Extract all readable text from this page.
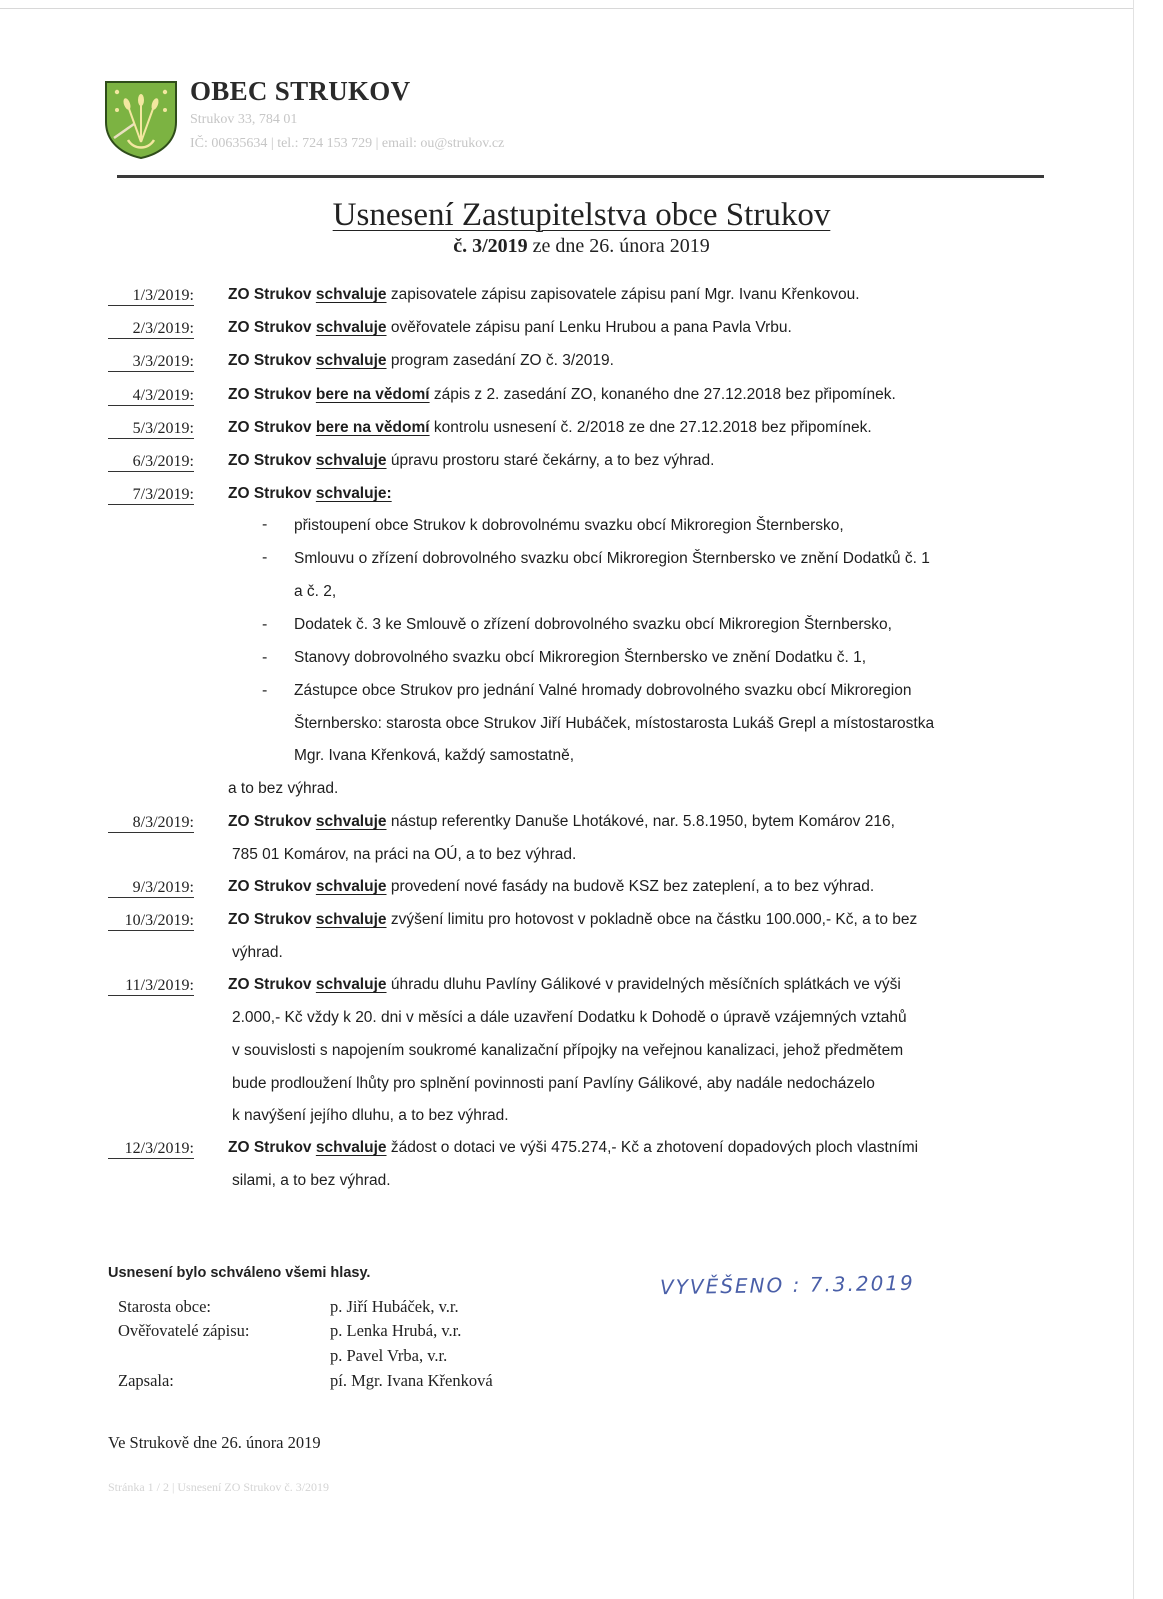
OBEC STRUKOV
Strukov 33, 784 01
IČ: 00635634 | tel.: 724 153 729 | email: ou@strukov.cz
Usnesení Zastupitelstva obce Strukov
č. 3/2019 ze dne 26. února 2019
1/3/2019: ZO Strukov schvaluje zapisovatele zápisu zapisovatele zápisu paní Mgr. Ivanu Křenkovou.
2/3/2019: ZO Strukov schvaluje ověřovatele zápisu paní Lenku Hrubou a pana Pavla Vrbu.
3/3/2019: ZO Strukov schvaluje program zasedání ZO č. 3/2019.
4/3/2019: ZO Strukov bere na vědomí zápis z 2. zasedání ZO, konaného dne 27.12.2018 bez připomínek.
5/3/2019: ZO Strukov bere na vědomí kontrolu usnesení č. 2/2018 ze dne 27.12.2018 bez připomínek.
6/3/2019: ZO Strukov schvaluje úpravu prostoru staré čekárny, a to bez výhrad.
7/3/2019: ZO Strukov schvaluje:
- přistoupení obce Strukov k dobrovolnému svazku obcí Mikroregion Šternbersko,
- Smlouvu o zřízení dobrovolného svazku obcí Mikroregion Šternbersko ve znění Dodatků č. 1
a č. 2,
- Dodatek č. 3 ke Smlouvě o zřízení dobrovolného svazku obcí Mikroregion Šternbersko,
- Stanovy dobrovolného svazku obcí Mikroregion Šternbersko ve znění Dodatku č. 1,
- Zástupce obce Strukov pro jednání Valné hromady dobrovolného svazku obcí Mikroregion
Šternbersko: starosta obce Strukov Jiří Hubáček, místostarosta Lukáš Grepl a místostarostka
Mgr. Ivana Křenková, každý samostatně,
a to bez výhrad.
8/3/2019: ZO Strukov schvaluje nástup referentky Danuše Lhotákové, nar. 5.8.1950, bytem Komárov 216,
785 01 Komárov, na práci na OÚ, a to bez výhrad.
9/3/2019: ZO Strukov schvaluje provedení nové fasády na budově KSZ bez zateplení, a to bez výhrad.
10/3/2019: ZO Strukov schvaluje zvýšení limitu pro hotovost v pokladně obce na částku 100.000,- Kč, a to bez
výhrad.
11/3/2019: ZO Strukov schvaluje úhradu dluhu Pavlíny Gálikové v pravidelných měsíčních splátkách ve výši
2.000,- Kč vždy k 20. dni v měsíci a dále uzavření Dodatku k Dohodě o úpravě vzájemných vztahů
v souvislosti s napojením soukromé kanalizační přípojky na veřejnou kanalizaci, jehož předmětem
bude prodloužení lhůty pro splnění povinnosti paní Pavlíny Gálikové, aby nadále nedocházelo
k navýšení jejího dluhu, a to bez výhrad.
12/3/2019: ZO Strukov schvaluje žádost o dotaci ve výši 475.274,- Kč a zhotovení dopadových ploch vlastními
silami, a to bez výhrad.
Usnesení bylo schváleno všemi hlasy.
Starosta obce:	p. Jiří Hubáček, v.r.
Ověřovatelé zápisu:	p. Lenka Hrubá, v.r.
p. Pavel Vrba, v.r.
Zapsala:	pí. Mgr. Ivana Křenková
Ve Strukově dne 26. února 2019
VYVĚŠENO : 7.3.2019
Stránka 1 / 2 | Usnesení ZO Strukov č. 3/2019
